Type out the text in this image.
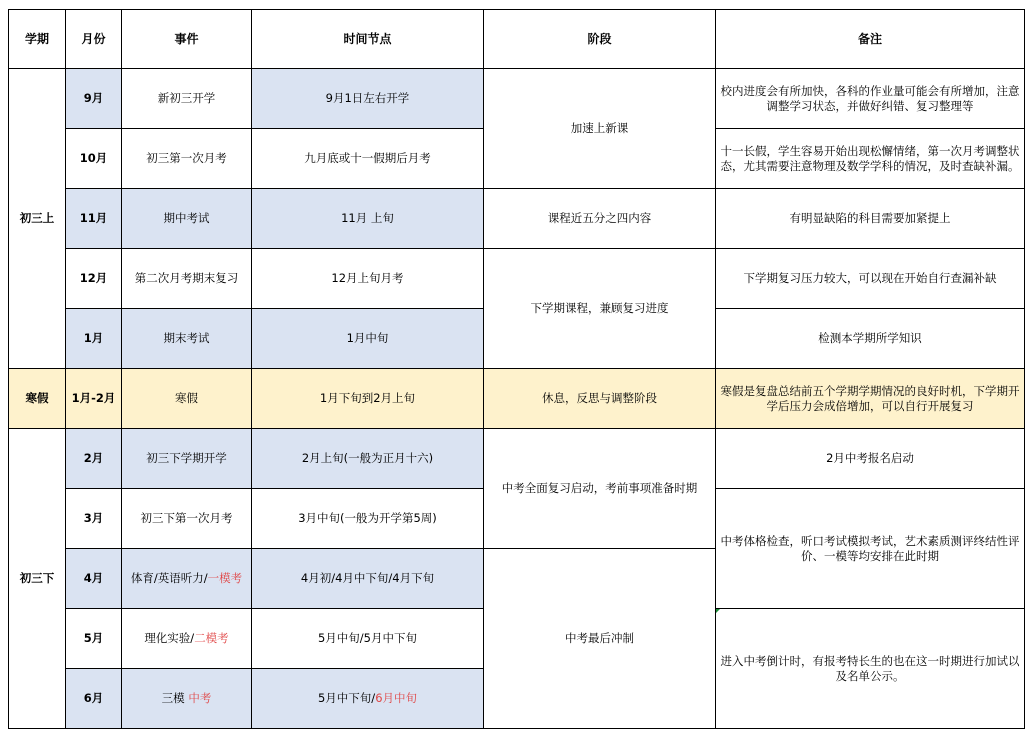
学期	月份	事件	时间节点	阶段	备注
初三上	9月	新初三开学	9月1日左右开学	加速上新课	校内进度会有所加快，各科的作业量可能会有所增加，注意调整学习状态，并做好纠错、复习整理等
	10月	初三第一次月考	九月底或十一假期后月考		十一长假，学生容易开始出现松懈情绪，第一次月考调整状态，尤其需要注意物理及数学学科的情况，及时查缺补漏。
	11月	期中考试	11月 上旬	课程近五分之四内容	有明显缺陷的科目需要加紧提上
	12月	第二次月考期末复习	12月上旬月考	下学期课程，兼顾复习进度	下学期复习压力较大，可以现在开始自行查漏补缺
	1月	期末考试	1月中旬		检测本学期所学知识
寒假	1月-2月	寒假	1月下旬到2月上旬	休息，反思与调整阶段	寒假是复盘总结前五个学期学期情况的良好时机，下学期开学后压力会成倍增加，可以自行开展复习
初三下	2月	初三下学期开学	2月上旬(一般为正月十六)	中考全面复习启动，考前事项准备时期	2月中考报名启动
	3月	初三下第一次月考	3月中旬(一般为开学第5周)		中考体格检查，听口考试模拟考试，艺术素质测评终结性评价、一模等均安排在此时期
	4月	体育/英语听力/一模考	4月初/4月中下旬/4月下旬	中考最后冲制	
	5月	理化实验/二模考	5月中旬/5月中下旬		进入中考倒计时，有报考特长生的也在这一时期进行加试以及名单公示。
	6月	三模 中考	5月中下旬/6月中旬		
